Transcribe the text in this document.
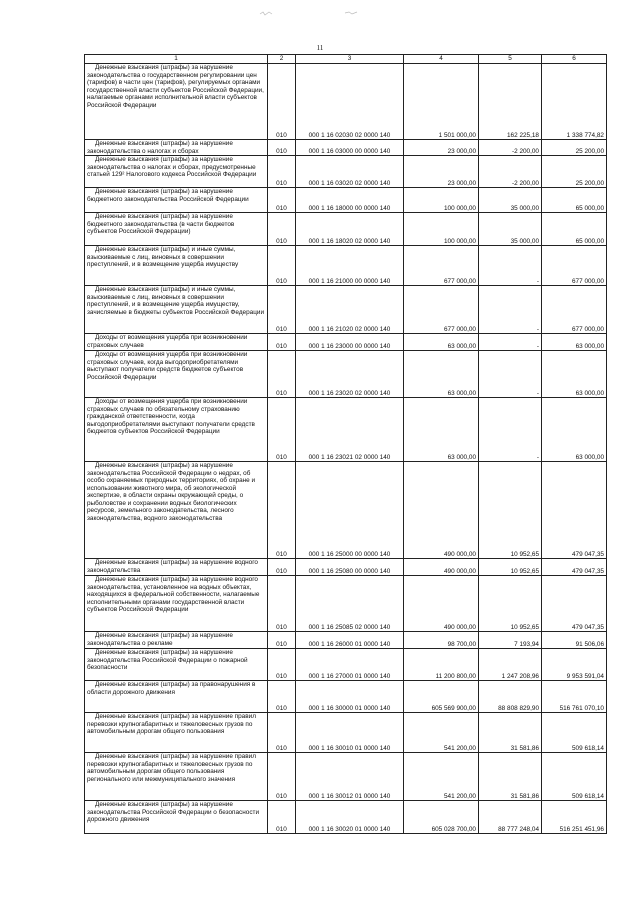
11
1	2	3	4	5	6
Денежные взыскания (штрафы) за нарушение законодательства о государственном регулировании цен (тарифов) в части цен (тарифов), регулируемых органами государственной власти субъектов Российской Федерации, налагаемые органами исполнительной власти субъектов Российской Федерации	010	000 1 16 02030 02 0000 140	1 501 000,00	162 225,18	1 338 774,82
Денежные взыскания (штрафы) за нарушение законодательства о налогах и сборах	010	000 1 16 03000 00 0000 140	23 000,00	-2 200,00	25 200,00
Денежные взыскания (штрафы) за нарушение законодательства о налогах и сборах, предусмотренные статьей 129² Налогового кодекса Российской Федерации	010	000 1 16 03020 02 0000 140	23 000,00	-2 200,00	25 200,00
Денежные взыскания (штрафы) за нарушение бюджетного законодательства Российской Федерации	010	000 1 16 18000 00 0000 140	100 000,00	35 000,00	65 000,00
Денежные взыскания (штрафы) за нарушение бюджетного законодательства (в части бюджетов субъектов Российской Федерации)	010	000 1 16 18020 02 0000 140	100 000,00	35 000,00	65 000,00
Денежные взыскания (штрафы) и иные суммы, взыскиваемые с лиц, виновных в совершении преступлений, и в возмещение ущерба имуществу	010	000 1 16 21000 00 0000 140	677 000,00	-	677 000,00
Денежные взыскания (штрафы) и иные суммы, взыскиваемые с лиц, виновных в совершении преступлений, и в возмещение ущерба имуществу, зачисляемые в бюджеты субъектов Российской Федерации	010	000 1 16 21020 02 0000 140	677 000,00	-	677 000,00
Доходы от возмещения ущерба при возникновении страховых случаев	010	000 1 16 23000 00 0000 140	63 000,00	-	63 000,00
Доходы от возмещения ущерба при возникновении страховых случаев, когда выгодоприобретателями выступают получатели средств бюджетов субъектов Российской Федерации	010	000 1 16 23020 02 0000 140	63 000,00	-	63 000,00
Доходы от возмещения ущерба при возникновении страховых случаев по обязательному страхованию гражданской ответственности, когда выгодоприобретателями выступают получатели средств бюджетов субъектов Российской Федерации	010	000 1 16 23021 02 0000 140	63 000,00	-	63 000,00
Денежные взыскания (штрафы) за нарушение законодательства Российской Федерации о недрах, об особо охраняемых природных территориях, об охране и использовании животного мира, об экологической экспертизе, в области охраны окружающей среды, о рыболовстве и сохранении водных биологических ресурсов, земельного законодательства, лесного законодательства, водного законодательства	010	000 1 16 25000 00 0000 140	490 000,00	10 952,65	479 047,35
Денежные взыскания (штрафы) за нарушение водного законодательства	010	000 1 16 25080 00 0000 140	490 000,00	10 952,65	479 047,35
Денежные взыскания (штрафы) за нарушение водного законодательства, установленное на водных объектах, находящихся в федеральной собственности, налагаемые исполнительными органами государственной власти субъектов Российской Федерации	010	000 1 16 25085 02 0000 140	490 000,00	10 952,65	479 047,35
Денежные взыскания (штрафы) за нарушение законодательства о рекламе	010	000 1 16 26000 01 0000 140	98 700,00	7 193,94	91 506,06
Денежные взыскания (штрафы) за нарушение законодательства Российской Федерации о пожарной безопасности	010	000 1 16 27000 01 0000 140	11 200 800,00	1 247 208,96	9 953 591,04
Денежные взыскания (штрафы) за правонарушения в области дорожного движения	010	000 1 16 30000 01 0000 140	605 569 900,00	88 808 829,90	516 761 070,10
Денежные взыскания (штрафы) за нарушение правил перевозки крупногабаритных и тяжеловесных грузов по автомобильным дорогам общего пользования	010	000 1 16 30010 01 0000 140	541 200,00	31 581,86	509 618,14
Денежные взыскания (штрафы) за нарушение правил перевозки крупногабаритных и тяжеловесных грузов по автомобильным дорогам общего пользования регионального или межмуниципального значения	010	000 1 16 30012 01 0000 140	541 200,00	31 581,86	509 618,14
Денежные взыскания (штрафы) за нарушение законодательства Российской Федерации о безопасности дорожного движения	010	000 1 16 30020 01 0000 140	605 028 700,00	88 777 248,04	516 251 451,96
